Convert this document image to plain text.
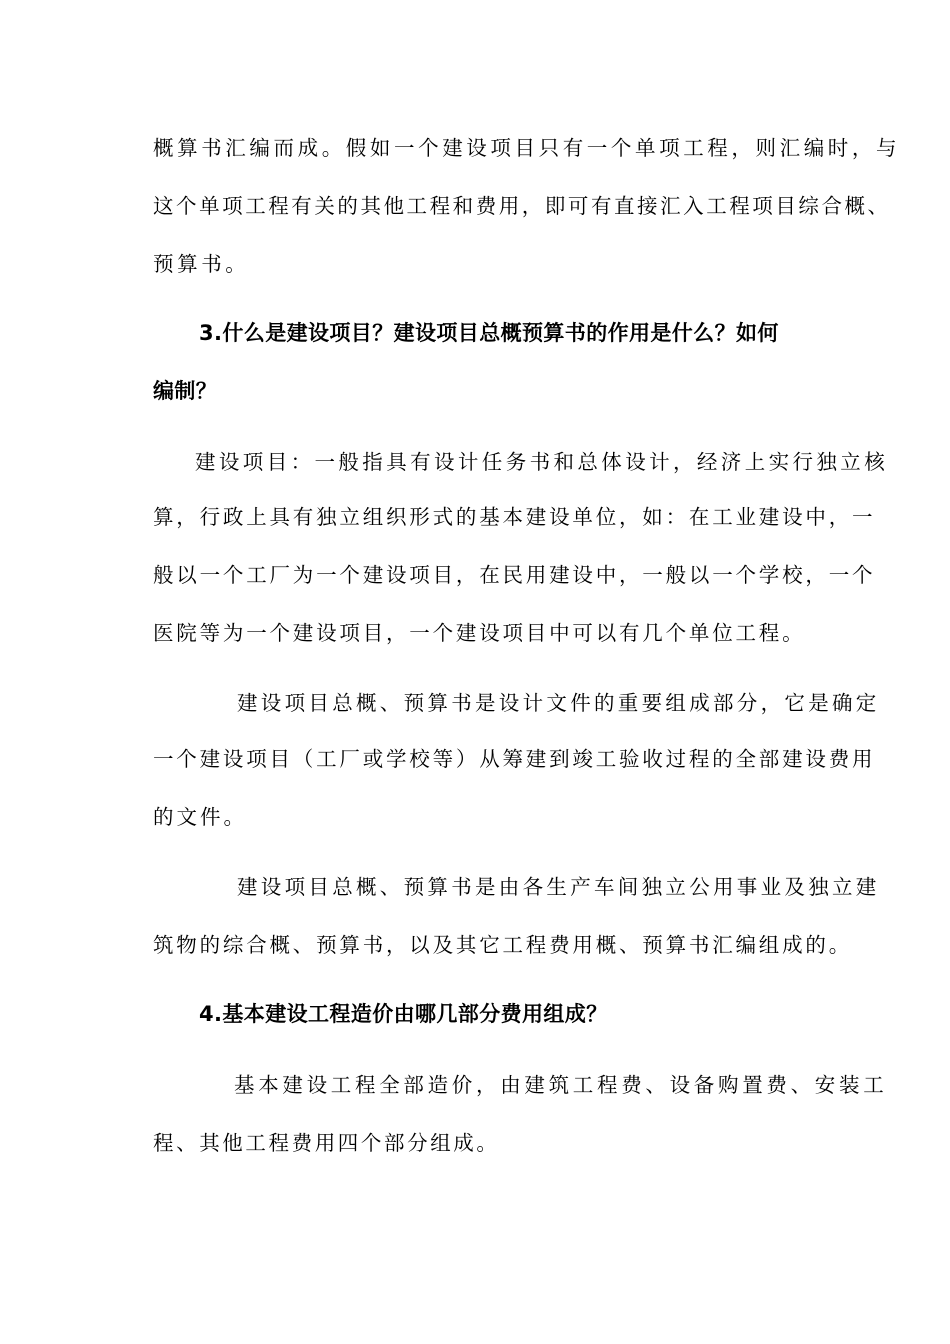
概算书汇编而成。假如一个建设项目只有一个单项工程，则汇编时，与

这个单项工程有关的其他工程和费用，即可有直接汇入工程项目综合概、

预算书。

3.什么是建设项目？建设项目总概预算书的作用是什么？如何
编制？

建设项目：一般指具有设计任务书和总体设计，经济上实行独立核

算，行政上具有独立组织形式的基本建设单位，如：在工业建设中，一

般以一个工厂为一个建设项目，在民用建设中，一般以一个学校，一个

医院等为一个建设项目，一个建设项目中可以有几个单位工程。

建设项目总概、预算书是设计文件的重要组成部分，它是确定

一个建设项目（工厂或学校等）从筹建到竣工验收过程的全部建设费用

的文件。

建设项目总概、预算书是由各生产车间独立公用事业及独立建

筑物的综合概、预算书，以及其它工程费用概、预算书汇编组成的。

4.基本建设工程造价由哪几部分费用组成？

基本建设工程全部造价，由建筑工程费、设备购置费、安装工

程、其他工程费用四个部分组成。
